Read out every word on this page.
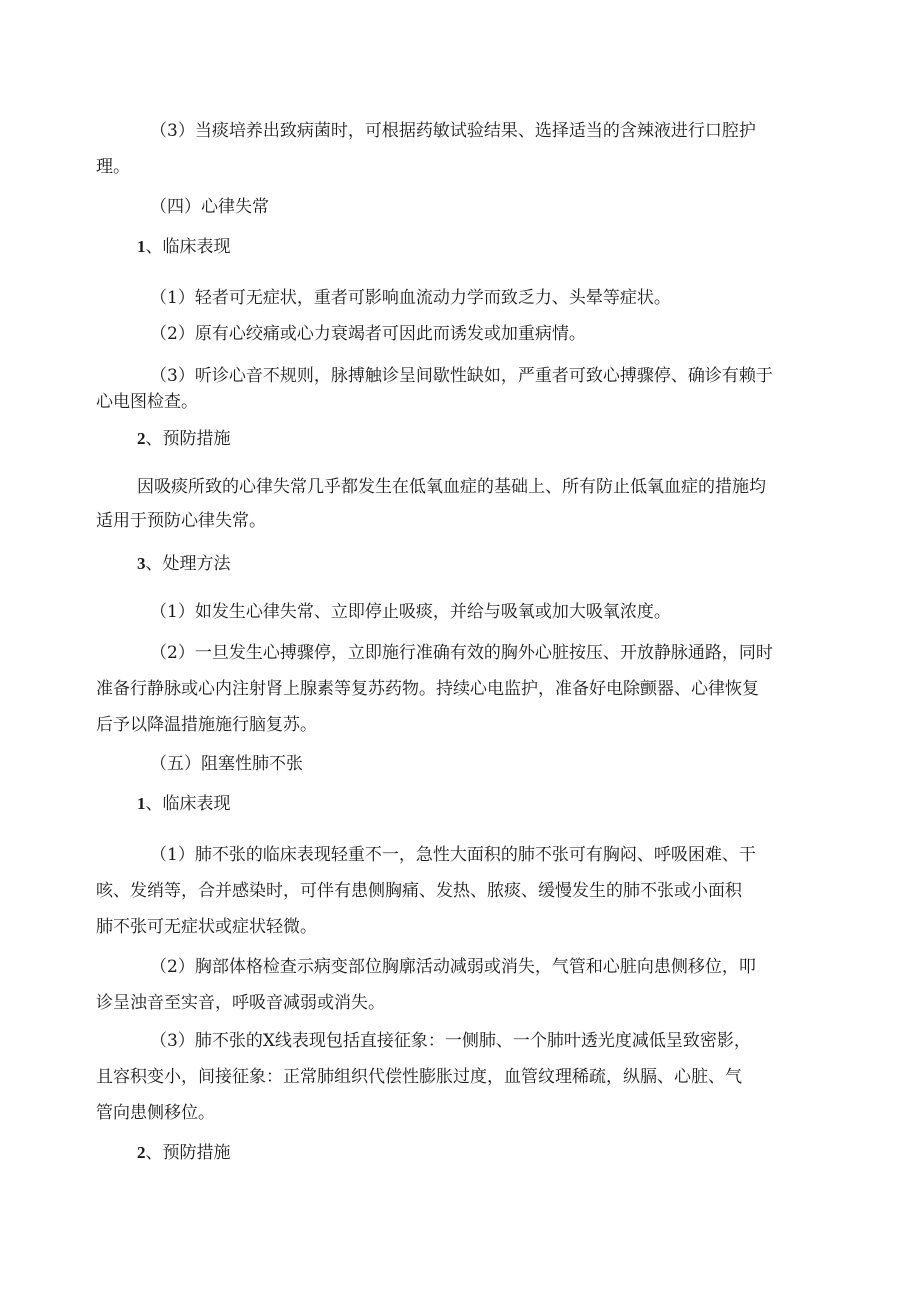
（3）当痰培养出致病菌时，可根据药敏试验结果、选择适当的含辣液进行口腔护
理。
（四）心律失常
1、临床表现
（1）轻者可无症状，重者可影响血流动力学而致乏力、头晕等症状。
（2）原有心绞痛或心力衰竭者可因此而诱发或加重病情。
（3）听诊心音不规则，脉搏触诊呈间歇性缺如，严重者可致心搏骤停、确诊有赖于
心电图检查。
2、预防措施
因吸痰所致的心律失常几乎都发生在低氧血症的基础上、所有防止低氧血症的措施均
适用于预防心律失常。
3、处理方法
（1）如发生心律失常、立即停止吸痰，并给与吸氧或加大吸氧浓度。
（2）一旦发生心搏骤停，立即施行准确有效的胸外心脏按压、开放静脉通路，同时
准备行静脉或心内注射肾上腺素等复苏药物。持续心电监护，准备好电除颤器、心律恢复
后予以降温措施施行脑复苏。
（五）阻塞性肺不张
1、临床表现
（1）肺不张的临床表现轻重不一，急性大面积的肺不张可有胸闷、呼吸困难、干
咳、发绡等，合并感染时，可伴有患侧胸痛、发热、脓痰、缓慢发生的肺不张或小面积
肺不张可无症状或症状轻微。
（2）胸部体格检查示病变部位胸廓活动减弱或消失，气管和心脏向患侧移位，叩
诊呈浊音至实音，呼吸音减弱或消失。
（3）肺不张的X线表现包括直接征象：一侧肺、一个肺叶透光度减低呈致密影，
且容积变小，间接征象：正常肺组织代偿性膨胀过度，血管纹理稀疏，纵膈、心脏、气
管向患侧移位。
2、预防措施
